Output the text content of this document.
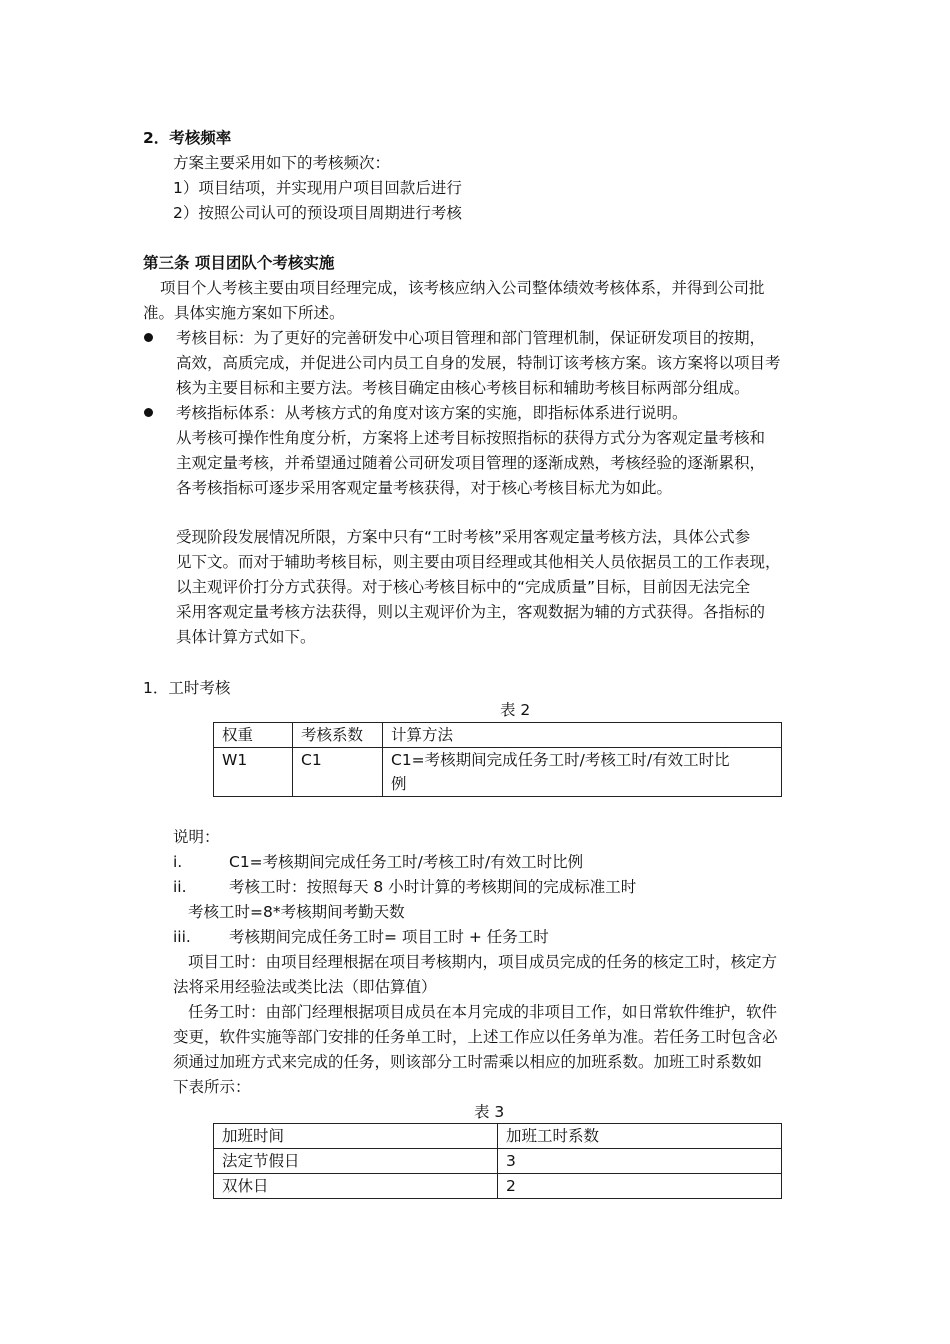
2．考核频率
方案主要采用如下的考核频次：
1）项目结项，并实现用户项目回款后进行
2）按照公司认可的预设项目周期进行考核
第三条 项目团队个考核实施
项目个人考核主要由项目经理完成，该考核应纳入公司整体绩效考核体系，并得到公司批
准。具体实施方案如下所述。
考核目标：为了更好的完善研发中心项目管理和部门管理机制，保证研发项目的按期，
高效，高质完成，并促进公司内员工自身的发展，特制订该考核方案。该方案将以项目考
核为主要目标和主要方法。考核目确定由核心考核目标和辅助考核目标两部分组成。
考核指标体系：从考核方式的角度对该方案的实施，即指标体系进行说明。
从考核可操作性角度分析，方案将上述考目标按照指标的获得方式分为客观定量考核和
主观定量考核，并希望通过随着公司研发项目管理的逐渐成熟，考核经验的逐渐累积，
各考核指标可逐步采用客观定量考核获得，对于核心考核目标尤为如此。
受现阶段发展情况所限，方案中只有“工时考核”采用客观定量考核方法，具体公式参
见下文。而对于辅助考核目标，则主要由项目经理或其他相关人员依据员工的工作表现，
以主观评价打分方式获得。对于核心考核目标中的“完成质量”目标，目前因无法完全
采用客观定量考核方法获得，则以主观评价为主，客观数据为辅的方式获得。各指标的
具体计算方式如下。
1．工时考核
表 2
权重	考核系数	计算方法
W1	C1	C1=考核期间完成任务工时/考核工时/有效工时比
例
说明：
i.	C1=考核期间完成任务工时/考核工时/有效工时比例
ii.	考核工时：按照每天 8 小时计算的考核期间的完成标准工时
考核工时=8*考核期间考勤天数
iii. 考核期间完成任务工时= 项目工时 + 任务工时
项目工时：由项目经理根据在项目考核期内，项目成员完成的任务的核定工时，核定方
法将采用经验法或类比法（即估算值）
任务工时：由部门经理根据项目成员在本月完成的非项目工作，如日常软件维护，软件
变更，软件实施等部门安排的任务单工时，上述工作应以任务单为准。若任务工时包含必
须通过加班方式来完成的任务，则该部分工时需乘以相应的加班系数。加班工时系数如
下表所示：
表 3
加班时间	加班工时系数
法定节假日	3
双休日	2
